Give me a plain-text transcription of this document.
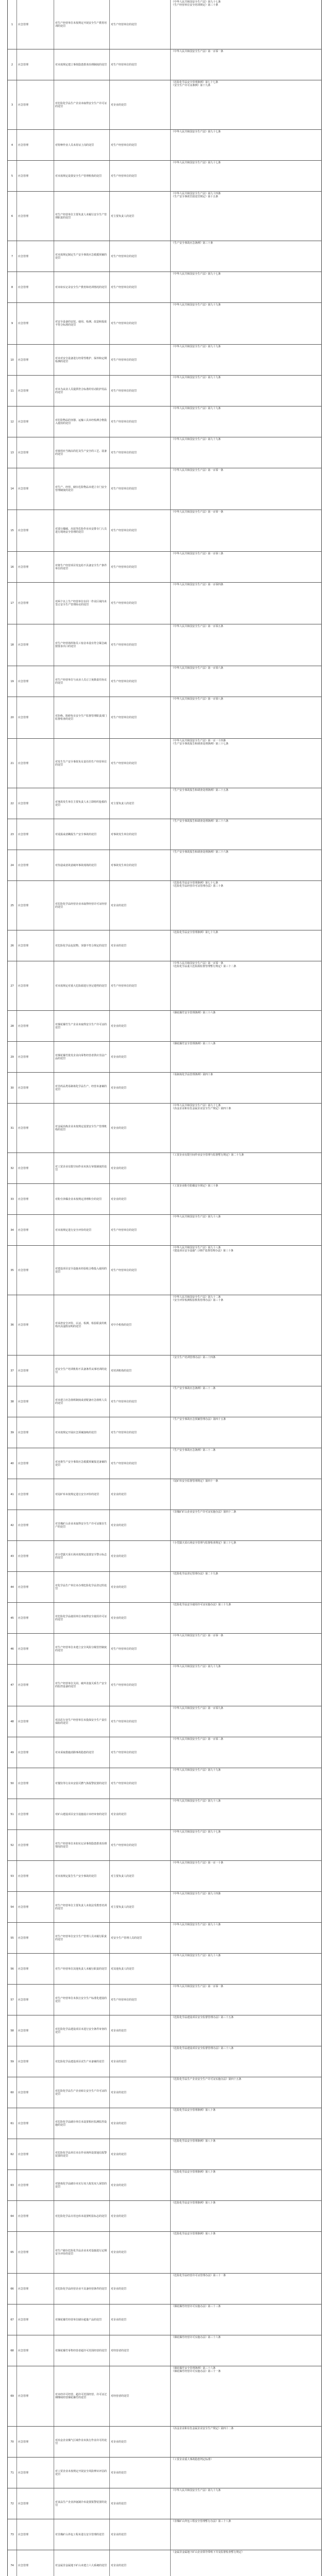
1	应急管理	对生产经营单位未按规定开展安全生产教育培训的处罚	对生产经营单位的处罚
《中华人民共和国安全生产法》第九十七条
《生产经营单位安全培训规定》第三十条
2	应急管理	对未按规定建立事故隐患排查治理制度的处罚	对生产经营单位的处罚
《中华人民共和国安全生产法》第一百零一条
3	应急管理	对危险化学品生产企业未取得安全生产许可证的处罚	对企业的处罚
《危险化学品安全管理条例》第七十七条
《安全生产许可证条例》第十九条
4	应急管理	对特种作业人员未持证上岗的处罚	对生产经营单位的处罚
《中华人民共和国安全生产法》第九十七条
5	应急管理	对未按规定设置安全生产管理机构的处罚	对生产经营单位的处罚
《中华人民共和国安全生产法》第九十七条
6	应急管理	对生产经营单位主要负责人未履行安全生产管理职责的处罚	对主要负责人的处罚
《中华人民共和国安全生产法》第九十四条
《生产安全事故罚款处罚规定》第十五条
7	应急管理	对未按规定制定生产安全事故应急救援预案的处罚	对生产经营单位的处罚
《生产安全事故应急条例》第三十条
8	应急管理	对未如实记录安全生产教育和培训情况的处罚	对生产经营单位的处罚
《中华人民共和国安全生产法》第九十七条
9	应急管理	对安全设备的安装、使用、检测、改造和报废不符合标准的处罚	对生产经营单位的处罚
《中华人民共和国安全生产法》第九十九条
10	应急管理	对未对安全设备进行经常性维护、保养和定期检测的处罚	对生产经营单位的处罚
《中华人民共和国安全生产法》第九十九条
11	应急管理	对未为从业人员提供符合标准的劳动防护用品的处罚	对生产经营单位的处罚
《中华人民共和国安全生产法》第九十九条
12	应急管理	对危险物品的容器、运输工具未经检测合格投入使用的处罚	对生产经营单位的处罚
《中华人民共和国安全生产法》第九十九条
13	应急管理	对使用应当淘汰的危及生产安全的工艺、设备的处罚	对生产经营单位的处罚
《中华人民共和国安全生产法》第九十九条
14	应急管理	对生产、经营、储存危险物品未建立专门安全管理制度的处罚	对生产经营单位的处罚
《中华人民共和国安全生产法》第一百零一条
15	应急管理	对进行爆破、吊装等危险作业未安排专门人员进行现场安全管理的处罚	对生产经营单位的处罚
《中华人民共和国安全生产法》第一百零一条
16	应急管理	对将生产经营项目发包给不具备安全生产条件单位的处罚	对生产经营单位的处罚
《中华人民共和国安全生产法》第一百零三条
17	应急管理	对两个以上生产经营单位在同一作业区域内未签订安全生产管理协议的处罚	对生产经营单位的处罚
《中华人民共和国安全生产法》第一百零四条
18	应急管理	对生产经营场所和员工宿舍未设有符合紧急疏散要求出口的处罚	对生产经营单位的处罚
《中华人民共和国安全生产法》第一百零五条
19	应急管理	对生产经营单位与从业人员订立免除责任协议的处罚	对生产经营单位的处罚
《中华人民共和国安全生产法》第一百零六条
20	应急管理	对拒绝、阻碍负有安全生产监督管理职责部门监督检查的处罚	对生产经营单位的处罚
《中华人民共和国安全生产法》第一百零八条
21	应急管理	对发生生产安全事故负有责任的生产经营单位的处罚	对生产经营单位的处罚
《中华人民共和国安全生产法》第一百一十四条
《生产安全事故报告和调查处理条例》第三十七条
22	应急管理	对事故发生单位主要负责人未立即组织抢救的处罚	对主要负责人的处罚
《生产安全事故报告和调查处理条例》第三十五条
23	应急管理	对谎报或者瞒报生产安全事故的处罚	对事故发生单位的处罚
《生产安全事故报告和调查处理条例》第三十六条
24	应急管理	对伪造或者故意破坏事故现场的处罚	对事故发生单位的处罚
《生产安全事故报告和调查处理条例》第三十六条
25	应急管理	对危险化学品经营企业未取得经营许可证经营的处罚	对企业的处罚
《危险化学品安全管理条例》第七十七条
《危险化学品经营许可证管理办法》第三十条
26	应急管理	对危险化学品包装物、容器不符合规定的处罚	对企业的处罚
《危险化学品安全管理条例》第七十九条
27	应急管理	对未按规定对重大危险源进行登记建档的处罚	对生产经营单位的处罚
《中华人民共和国安全生产法》第一百零一条
《危险化学品重大危险源监督管理暂行规定》第三十二条
28	应急管理	对烟花爆竹生产企业未取得安全生产许可证的处罚	对企业的处罚
《烟花爆竹安全管理条例》第三十六条
29	应急管理	对烟花爆竹批发企业向零售经营者供应非法产品的处罚	对企业的处罚
《烟花爆竹安全管理条例》第三十八条
30	应急管理	对非药品类易制毒化学品生产、经营未备案的处罚	对企业的处罚
《易制毒化学品管理条例》第四十条
31	应急管理	对金属冶炼企业未按规定设置安全生产管理机构的处罚	对企业的处罚
《中华人民共和国安全生产法》第九十七条
《冶金企业和有色金属企业安全生产规定》第四十条
32	应急管理	对工贸企业有限空间作业未执行审批制度的处罚	对企业的处罚
《工贸企业有限空间作业安全管理与监督暂行规定》第二十九条
33	应急管理	对粉尘涉爆企业未按规定清理积尘的处罚	对企业的处罚
《工贸企业粉尘防爆安全规定》第三十条
34	应急管理	对未按规定进行安全评价的处罚	对生产经营单位的处罚
《中华人民共和国安全生产法》第九十八条
35	应急管理	对建设项目安全设施未经验收合格投入使用的处罚	对生产经营单位的处罚
《中华人民共和国安全生产法》第九十八条
《建设项目安全设施"三同时"监督管理办法》第三十条
36	应急管理	对承担安全评价、认证、检测、检验职责的机构出具虚假证明的处罚	对中介机构的处罚
《中华人民共和国安全生产法》第九十二条
《安全评价检测检验机构管理办法》第三十条
37	应急管理	对安全生产培训机构不具备条件从事培训的处罚	对培训机构的处罚
《安全生产培训管理办法》第三十四条
38	应急管理	对未建立应急值班制度或者配备应急值班人员的处罚	对生产经营单位的处罚
《生产安全事故应急条例》第三十二条
39	应急管理	对未按规定开展应急预案演练的处罚	对生产经营单位的处罚
《生产安全事故应急预案管理办法》第四十五条
40	应急管理	对未将生产安全事故应急救援预案报送备案的处罚	对生产经营单位的处罚
《生产安全事故应急条例》第三十二条
41	应急管理	对尾矿库未按规定进行安全评价的处罚	对企业的处罚
《尾矿库安全监督管理规定》第四十一条
42	应急管理	对非煤矿山企业未取得安全生产许可证擅自生产的处罚	对企业的处罚
《非煤矿矿山企业安全生产许可证实施办法》第四十二条
43	应急管理	对小型露天采石场未按规定设置安全警示标志的处罚	对企业的处罚
《小型露天采石场安全管理与监督检查规定》第三十七条
44	应急管理	对化学品生产单位未办理危险化学品登记的处罚	对企业的处罚
《危险化学品登记管理办法》第二十九条
45	应急管理	对危险化学品使用单位未取得安全使用许可证的处罚	对企业的处罚
《危险化学品安全使用许可证实施办法》第三十九条
46	应急管理	对生产经营单位未建立安全风险分级管控制度的处罚	对生产经营单位的处罚
《中华人民共和国安全生产法》第一百零一条
47	应急管理	对生产经营单位关闭、破坏直接关系生产安全的监控设备的处罚	对生产经营单位的处罚
《中华人民共和国安全生产法》第九十九条
48	应急管理	对高危行业生产经营单位未投保安全生产责任保险的处罚	对生产经营单位的处罚
《中华人民共和国安全生产法》第一百零九条
49	应急管理	对未采取措施消除事故隐患的处罚	对生产经营单位的处罚
《中华人民共和国安全生产法》第一百零二条
50	应急管理	对餐饮等行业未安装可燃气体报警装置的处罚	对生产经营单位的处罚
《中华人民共和国安全生产法》第九十九条
51	应急管理	对矿山建设项目安全设施设计未经审查的处罚	对企业的处罚
《中华人民共和国安全生产法》第九十八条
52	应急管理	对生产经营单位未如实记录事故隐患排查治理情况的处罚	对生产经营单位的处罚
《中华人民共和国安全生产法》第九十七条
53	应急管理	对未按规定报告生产安全事故的处罚	对主要负责人的处罚
《中华人民共和国安全生产法》第一百一十条
54	应急管理	对生产经营单位主要负责人未依法受教育培训的处罚	对主要负责人的处罚
《中华人民共和国安全生产法》第九十四条
55	应急管理	对生产经营单位安全生产管理人员未履行职责的处罚	对安全生产管理人员的处罚
《中华人民共和国安全生产法》第九十六条
56	应急管理	对生产经营单位其他负责人未履行职责的处罚	对其他负责人的处罚
《中华人民共和国安全生产法》第九十六条
57	应急管理	对生产经营单位未执行安全生产标准化建设的处罚	对生产经营单位的处罚
《中华人民共和国安全生产法》第一百零一条
58	应急管理	对危险化学品建设项目未进行安全条件审查的处罚	对企业的处罚
《危险化学品建设项目安全监督管理办法》第三十五条
59	应急管理	对危险化学品建设项目试生产未备案的处罚	对企业的处罚
《危险化学品建设项目安全监督管理办法》第三十八条
60	应急管理	对危险化学品生产企业转让安全生产许可证的处罚	对企业的处罚
《危险化学品生产企业安全生产许可证实施办法》第四十五条
61	应急管理	对危险化学品储存单位未设置相应监测监控设施的处罚	对企业的处罚
《危险化学品安全管理条例》第八十条
62	应急管理	对危险化学品单位未在作业场所设置通信报警装置的处罚	对企业的处罚
《危险化学品安全管理条例》第八十条
63	应急管理	对剧毒化学品储存未实行双人收发双人保管的处罚	对企业的处罚
《危险化学品安全管理条例》第八十条
64	应急管理	对危险化学品专用仓库未设置明显标志的处罚	对企业的处罚
《危险化学品安全管理条例》第八十条
65	应急管理	对生产储存危险化学品企业未对设施进行定期安全评价的处罚	对企业的处罚
《危险化学品安全管理条例》第八十条
66	应急管理	对危险化学品经营企业不具备经营条件的处罚	对企业的处罚
《危险化学品经营许可证管理办法》第三十一条
67	应急管理	对烟花爆竹经营单位储存超量产品的处罚	对企业的处罚
《烟花爆竹经营许可实施办法》第三十三条
68	应急管理	对烟花爆竹零售经营者超许可范围经营的处罚	对经营者的处罚
《烟花爆竹经营许可实施办法》第三十六条
69	应急管理	对未经许可经营、超许可范围经营、许可证过期继续经营烟花爆竹的处罚	对经营者的处罚
《烟花爆竹安全管理条例》第三十六条
《烟花爆竹经营许可实施办法》第三十一条
70	应急管理	对冶金企业煤气区域作业未执行作业许可的处罚	对企业的处罚
《冶金企业和有色金属企业安全生产规定》第四十二条
71	应急管理	对工贸企业未按规定开展安全风险辨识评估的处罚	对企业的处罚
《工贸企业重大事故隐患判定标准》
72	应急管理	对食品生产企业涉氨制冷未设置报警装置的处罚	对企业的处罚
《中华人民共和国安全生产法》第九十九条
73	应急管理	对非煤矿山外包工程未进行安全管理的处罚	对企业的处罚
《非煤矿山外包工程安全管理暂行办法》第三十八条
74	应急管理	对金属非金属地下矿山未建立六大系统的处罚	对企业的处罚
《金属非金属地下矿山企业领导带班下井及监督检查暂行规定》
